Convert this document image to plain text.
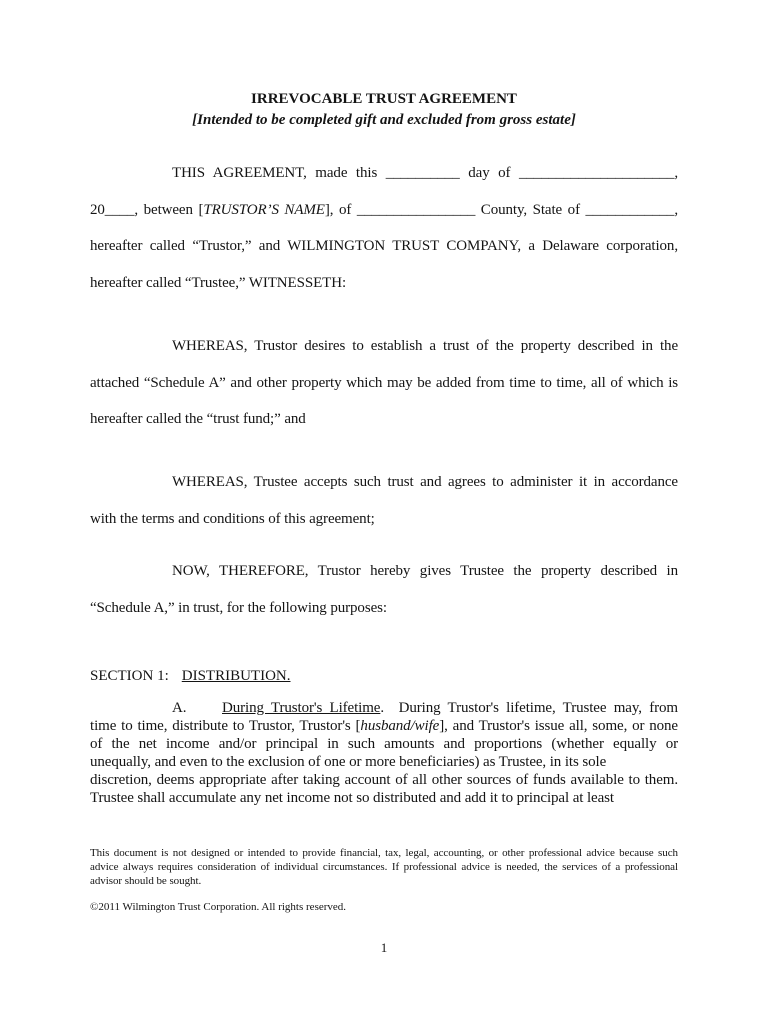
IRREVOCABLE TRUST AGREEMENT
[Intended to be completed gift and excluded from gross estate]
THIS AGREEMENT, made this __________ day of _____________________,
20____, between [TRUSTOR’S NAME], of ________________ County, State of ____________,
hereafter called “Trustor,” and WILMINGTON TRUST COMPANY, a Delaware corporation,
hereafter called “Trustee,” WITNESSETH:
WHEREAS, Trustor desires to establish a trust of the property described in the
attached “Schedule A” and other property which may be added from time to time, all of which is
hereafter called the “trust fund;” and
WHEREAS, Trustee accepts such trust and agrees to administer it in accordance
with the terms and conditions of this agreement;
NOW, THEREFORE, Trustor hereby gives Trustee the property described in
“Schedule A,” in trust, for the following purposes:
SECTION 1: DISTRIBUTION.
A. During Trustor's Lifetime.  During Trustor's lifetime, Trustee may, from
time to time, distribute to Trustor, Trustor's [husband/wife], and Trustor's issue all, some, or none
of the net income and/or principal in such amounts and proportions (whether equally or
unequally, and even to the exclusion of one or more beneficiaries) as Trustee, in its sole
discretion, deems appropriate after taking account of all other sources of funds available to them.
Trustee shall accumulate any net income not so distributed and add it to principal at least
This document is not designed or intended to provide financial, tax, legal, accounting, or other professional advice because such advice always requires consideration of individual circumstances. If professional advice is needed, the services of a professional advisor should be sought.
©2011 Wilmington Trust Corporation. All rights reserved.
1
